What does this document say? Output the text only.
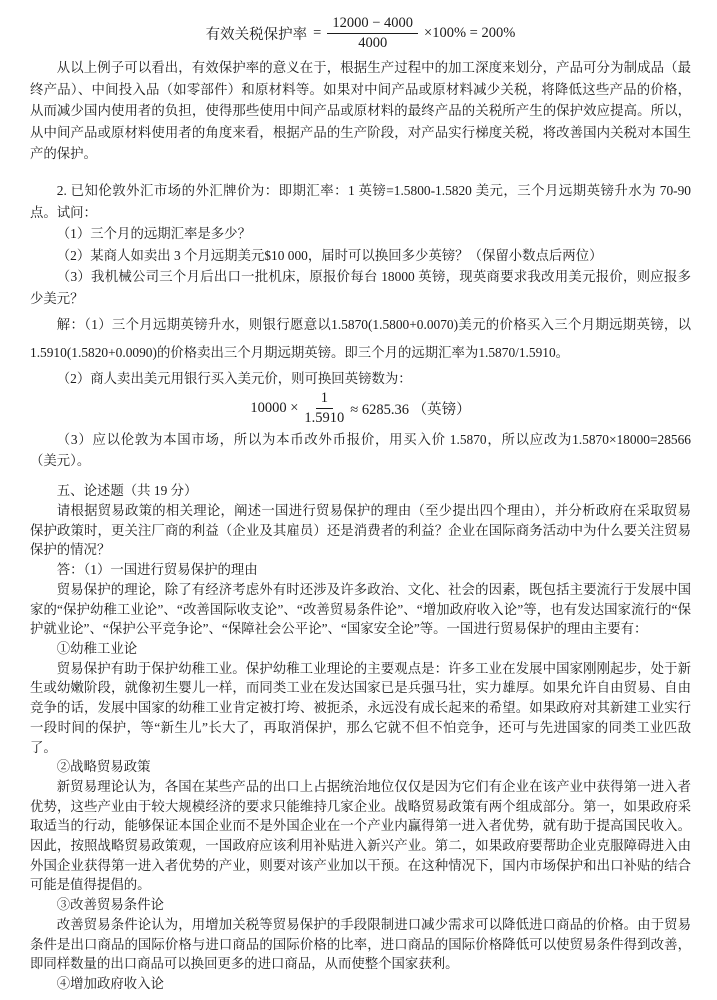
有效关税保护率 = $\frac{12000 - 4000}{4000} \times 100\% = 200\%$

从以上例子可以看出，有效保护率的意义在于，根据生产过程中的加工深度来划分，产品可分为制成品（最终产品）、中间投入品（如零部件）和原材料等。如果对中间产品或原材料减少关税，将降低这些产品的价格，从而减少国内使用者的负担，使得那些使用中间产品或原材料的最终产品的关税所产生的保护效应提高。所以，从中间产品或原材料使用者的角度来看，根据产品的生产阶段，对产品实行梯度关税，将改善国内关税对本国生产的保护。

2. 已知伦敦外汇市场的外汇牌价为：即期汇率：1 英镑=1.5800-1.5820 美元，三个月远期英镑升水为 70-90 点。试问：

（1）三个月的远期汇率是多少？

（2）某商人如卖出 3 个月远期美元$10 000，届时可以换回多少英镑？（保留小数点后两位）

（3）我机械公司三个月后出口一批机床，原报价每台 18000 英镑，现英商要求我改用美元报价，则应报多少美元？

解：（1）三个月远期英镑升水，则银行愿意以1.5870(1.5800+0.0070)美元的价格买入三个月期远期英镑，以1.5910(1.5820+0.0090)的价格卖出三个月期远期英镑。即三个月的远期汇率为1.5870/1.5910。

（2）商人卖出美元用银行买入美元价，则可换回英镑数为：

$10000 \times \frac{1}{1.5910} \approx 6285.36$ （英镑）

（3）应以伦敦为本国市场，所以为本币改外币报价，用买入价 1.5870，所以应改为1.5870×18000=28566（美元）。

五、论述题（共 19 分）

请根据贸易政策的相关理论，阐述一国进行贸易保护的理由（至少提出四个理由），并分析政府在采取贸易保护政策时，更关注厂商的利益（企业及其雇员）还是消费者的利益？企业在国际商务活动中为什么要关注贸易保护的情况？

答：（1）一国进行贸易保护的理由

贸易保护的理论，除了有经济考虑外有时还涉及许多政治、文化、社会的因素，既包括主要流行于发展中国家的“保护幼稚工业论”、“改善国际收支论”、“改善贸易条件论”、“增加政府收入论”等，也有发达国家流行的“保护就业论”、“保护公平竞争论”、“保障社会公平论”、“国家安全论”等。一国进行贸易保护的理由主要有：

①幼稚工业论

贸易保护有助于保护幼稚工业。保护幼稚工业理论的主要观点是：许多工业在发展中国家刚刚起步，处于新生或幼嫩阶段，就像初生婴儿一样，而同类工业在发达国家已是兵强马壮，实力雄厚。如果允许自由贸易、自由竞争的话，发展中国家的幼稚工业肯定被打垮、被扼杀，永远没有成长起来的希望。如果政府对其新建工业实行一段时间的保护，等“新生儿”长大了，再取消保护，那么它就不但不怕竞争，还可与先进国家的同类工业匹敌了。

②战略贸易政策

新贸易理论认为，各国在某些产品的出口上占据统治地位仅仅是因为它们有企业在该产业中获得第一进入者优势，这些产业由于较大规模经济的要求只能维持几家企业。战略贸易政策有两个组成部分。第一，如果政府采取适当的行动，能够保证本国企业而不是外国企业在一个产业内赢得第一进入者优势，就有助于提高国民收入。因此，按照战略贸易政策观，一国政府应该利用补贴进入新兴产业。第二，如果政府要帮助企业克服障碍进入由外国企业获得第一进入者优势的产业，则要对该产业加以干预。在这种情况下，国内市场保护和出口补贴的结合可能是值得提倡的。

③改善贸易条件论

改善贸易条件论认为，用增加关税等贸易保护的手段限制进口减少需求可以降低进口商品的价格。由于贸易条件是出口商品的国际价格与进口商品的国际价格的比率，进口商品的国际价格降低可以使贸易条件得到改善，即同样数量的出口商品可以换回更多的进口商品，从而使整个国家获利。

④增加政府收入论
